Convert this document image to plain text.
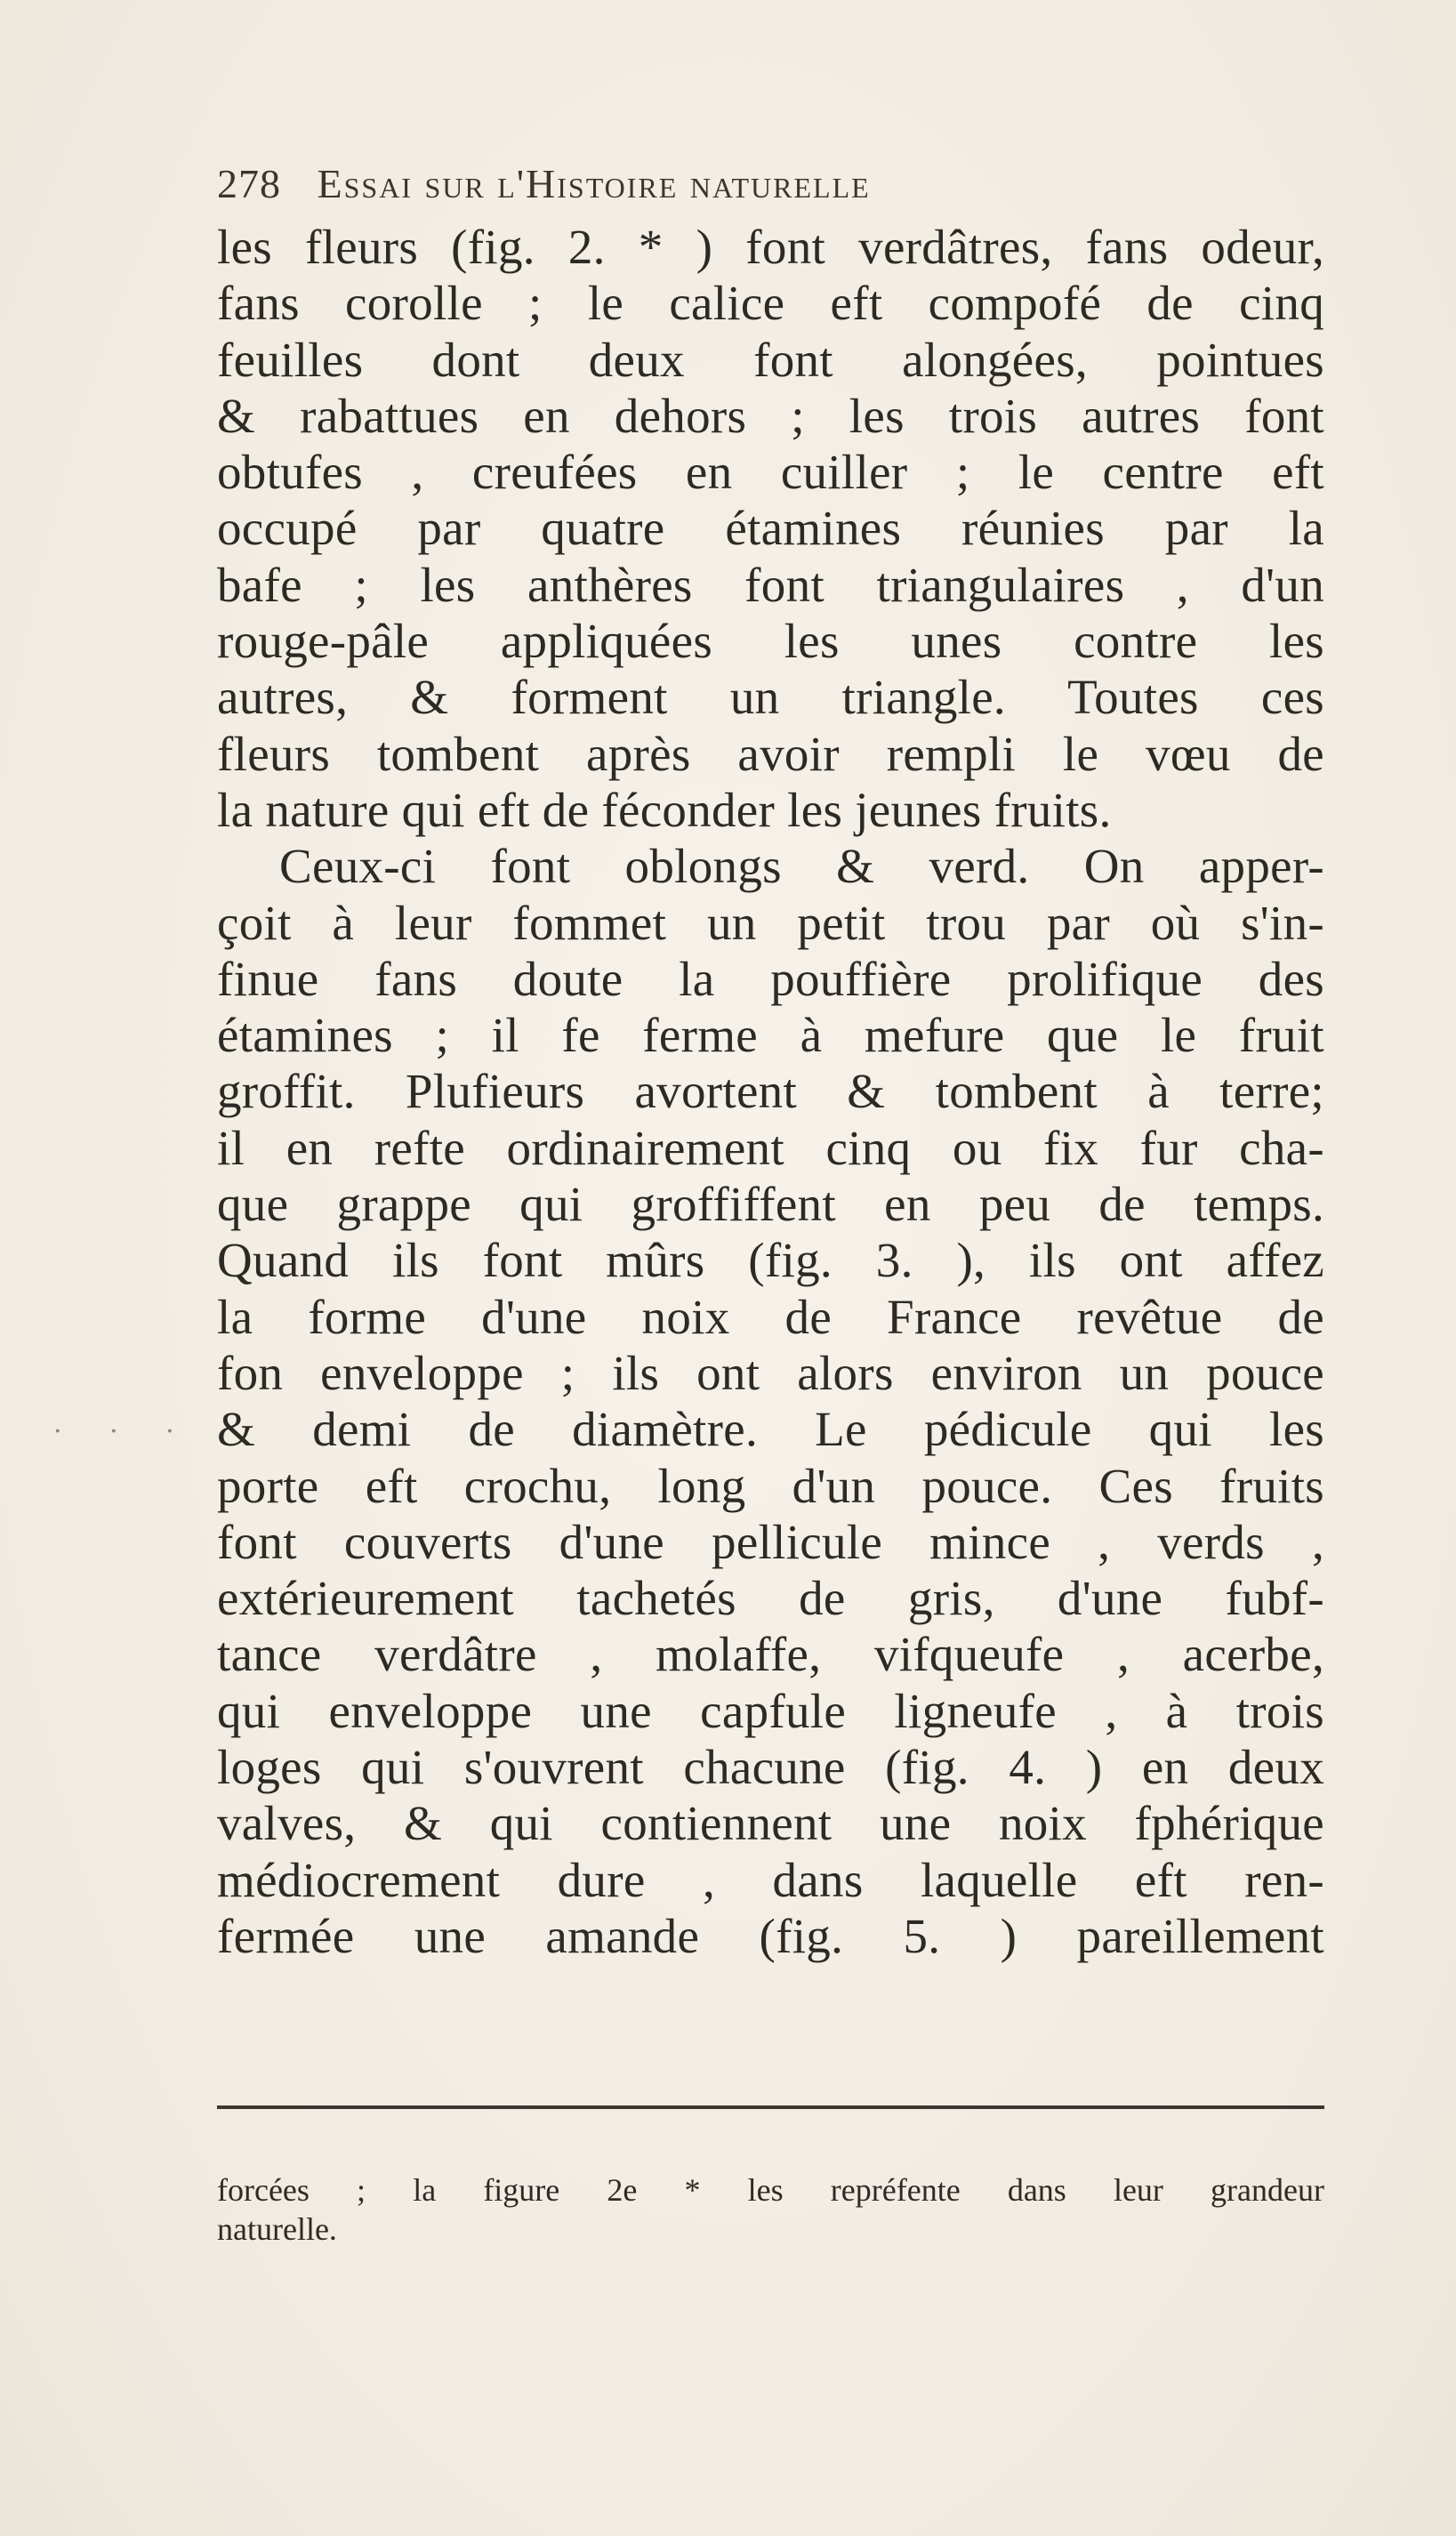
278 Essai sur l'Histoire naturelle
les fleurs (fig. 2. * ) font verdâtres, fans odeur,
fans corolle ; le calice eft compofé de cinq
feuilles dont deux font alongées, pointues
& rabattues en dehors ; les trois autres font
obtufes , creufées en cuiller ; le centre eft
occupé par quatre étamines réunies par la
bafe ; les anthères font triangulaires , d'un
rouge-pâle appliquées les unes contre les
autres, & forment un triangle. Toutes ces
fleurs tombent après avoir rempli le vœu de
la nature qui eft de féconder les jeunes fruits.
Ceux-ci font oblongs & verd. On apper-
çoit à leur fommet un petit trou par où s'in-
finue fans doute la pouffière prolifique des
étamines ; il fe ferme à mefure que le fruit
groffit. Plufieurs avortent & tombent à terre;
il en refte ordinairement cinq ou fix fur cha-
que grappe qui groffiffent en peu de temps.
Quand ils font mûrs (fig. 3. ), ils ont affez
la forme d'une noix de France revêtue de
fon enveloppe ; ils ont alors environ un pouce
& demi de diamètre. Le pédicule qui les
porte eft crochu, long d'un pouce. Ces fruits
font couverts d'une pellicule mince , verds ,
extérieurement tachetés de gris, d'une fubf-
tance verdâtre , molaffe, vifqueufe , acerbe,
qui enveloppe une capfule ligneufe , à trois
loges qui s'ouvrent chacune (fig. 4. ) en deux
valves, & qui contiennent une noix fphérique
médiocrement dure , dans laquelle eft ren-
fermée une amande (fig. 5. ) pareillement
· · ·
forcées ; la figure 2e * les repréfente dans leur grandeur
naturelle.
